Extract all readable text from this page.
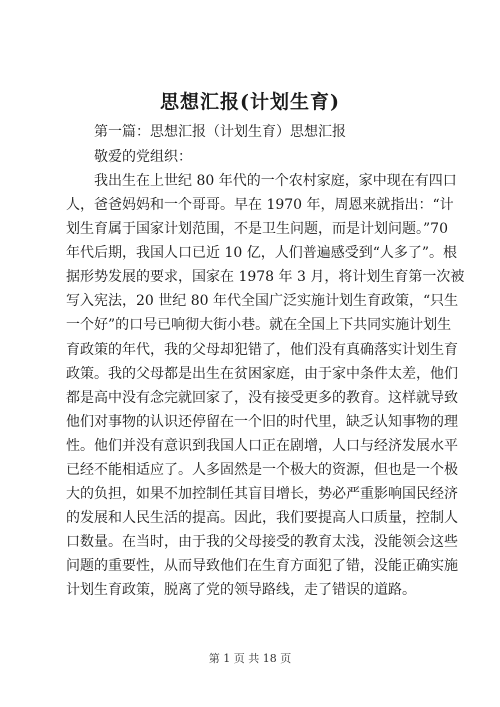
思想汇报(计划生育)

第一篇：思想汇报（计划生育）思想汇报

敬爱的党组织：

我出生在上世纪 80 年代的一个农村家庭，家中现在有四口

人，爸爸妈妈和一个哥哥。早在 1970 年，周恩来就指出：“计

划生育属于国家计划范围，不是卫生问题，而是计划问题。”70

年代后期，我国人口已近 10 亿，人们普遍感受到“人多了”。根

据形势发展的要求，国家在 1978 年 3 月，将计划生育第一次被

写入宪法，20 世纪 80 年代全国广泛实施计划生育政策，“只生

一个好”的口号已响彻大街小巷。就在全国上下共同实施计划生

育政策的年代，我的父母却犯错了，他们没有真确落实计划生育

政策。我的父母都是出生在贫困家庭，由于家中条件太差，他们

都是高中没有念完就回家了，没有接受更多的教育。这样就导致

他们对事物的认识还停留在一个旧的时代里，缺乏认知事物的理

性。他们并没有意识到我国人口正在剧增，人口与经济发展水平

已经不能相适应了。人多固然是一个极大的资源，但也是一个极

大的负担，如果不加控制任其盲目增长，势必严重影响国民经济

的发展和人民生活的提高。因此，我们要提高人口质量，控制人

口数量。在当时，由于我的父母接受的教育太浅，没能领会这些

问题的重要性，从而导致他们在生育方面犯了错，没能正确实施

计划生育政策，脱离了党的领导路线，走了错误的道路。

第 1 页 共 18 页
